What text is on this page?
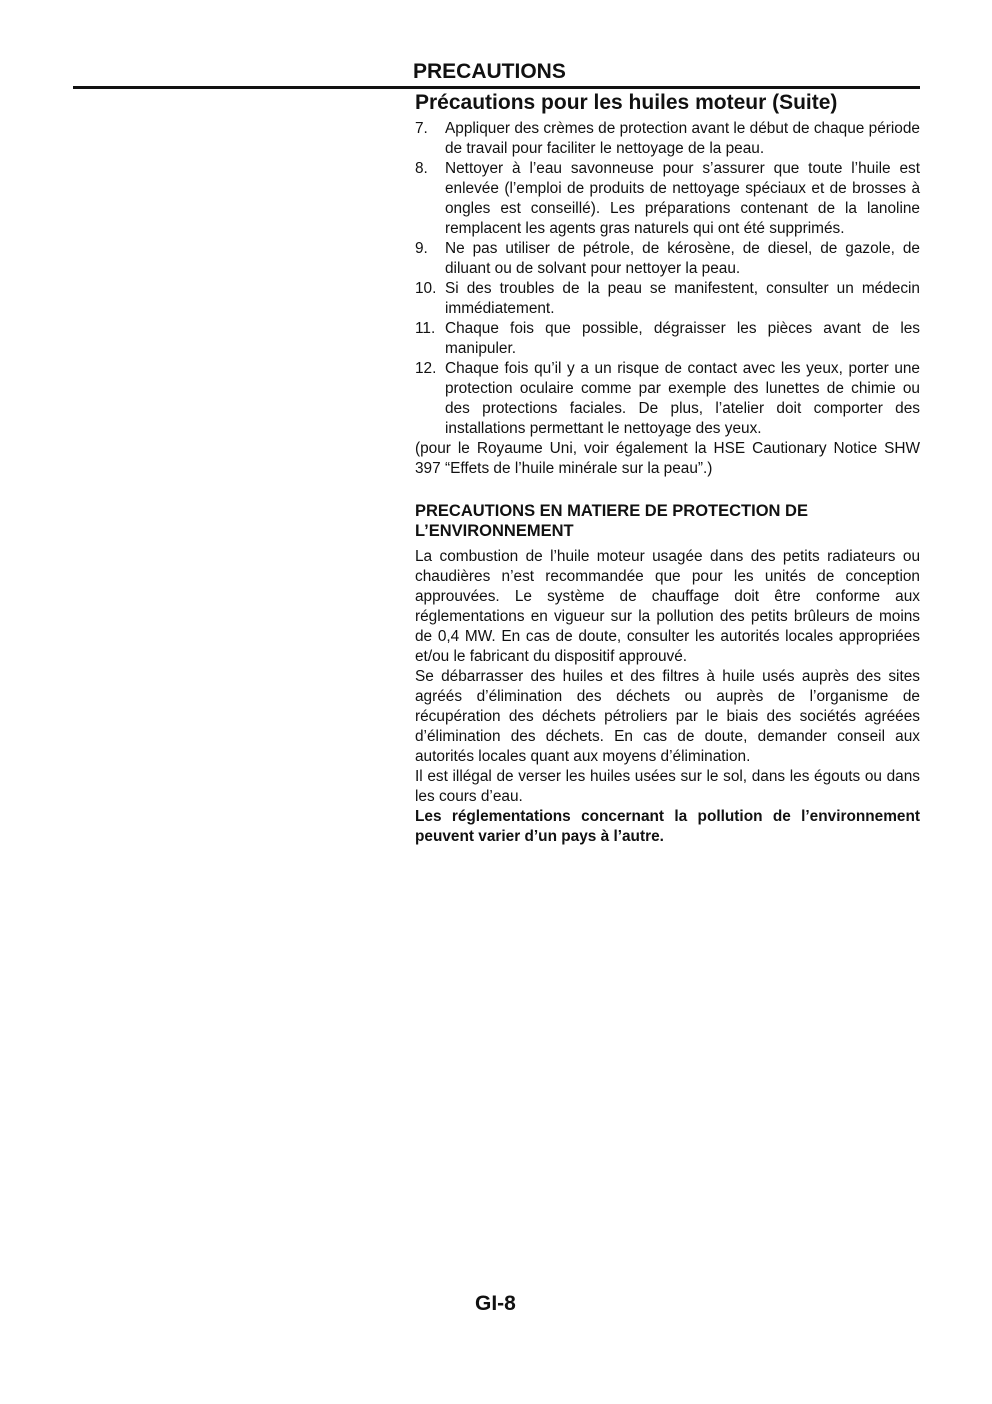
PRECAUTIONS
Précautions pour les huiles moteur (Suite)
7.	Appliquer des crèmes de protection avant le début de chaque période de travail pour faciliter le nettoyage de la peau.
8.	Nettoyer à l’eau savonneuse pour s’assurer que toute l’huile est enlevée (l’emploi de produits de nettoyage spéciaux et de brosses à ongles est conseillé). Les préparations contenant de la lanoline remplacent les agents gras naturels qui ont été supprimés.
9.	Ne pas utiliser de pétrole, de kérosène, de diesel, de gazole, de diluant ou de solvant pour nettoyer la peau.
10. Si des troubles de la peau se manifestent, consulter un médecin immédiatement.
11. Chaque fois que possible, dégraisser les pièces avant de les manipuler.
12. Chaque fois qu’il y a un risque de contact avec les yeux, porter une protection oculaire comme par exemple des lunettes de chimie ou des protections faciales. De plus, l’atelier doit comporter des installations permettant le nettoyage des yeux.

(pour le Royaume Uni, voir également la HSE Cautionary Notice SHW 397 “Effets de l’huile minérale sur la peau”.)

PRECAUTIONS EN MATIERE DE PROTECTION DE L’ENVIRONNEMENT

La combustion de l’huile moteur usagée dans des petits radiateurs ou chaudières n’est recommandée que pour les unités de conception approuvées. Le système de chauffage doit être conforme aux réglementations en vigueur sur la pollution des petits brûleurs de moins de 0,4 MW. En cas de doute, consulter les autorités locales appropriées et/ou le fabricant du dispositif approuvé.

Se débarrasser des huiles et des filtres à huile usés auprès des sites agréés d’élimination des déchets ou auprès de l’organisme de récupération des déchets pétroliers par le biais des sociétés agréées d’élimination des déchets. En cas de doute, demander conseil aux autorités locales quant aux moyens d’élimination.

Il est illégal de verser les huiles usées sur le sol, dans les égouts ou dans les cours d’eau.

Les réglementations concernant la pollution de l’environnement peuvent varier d’un pays à l’autre.

GI-8
